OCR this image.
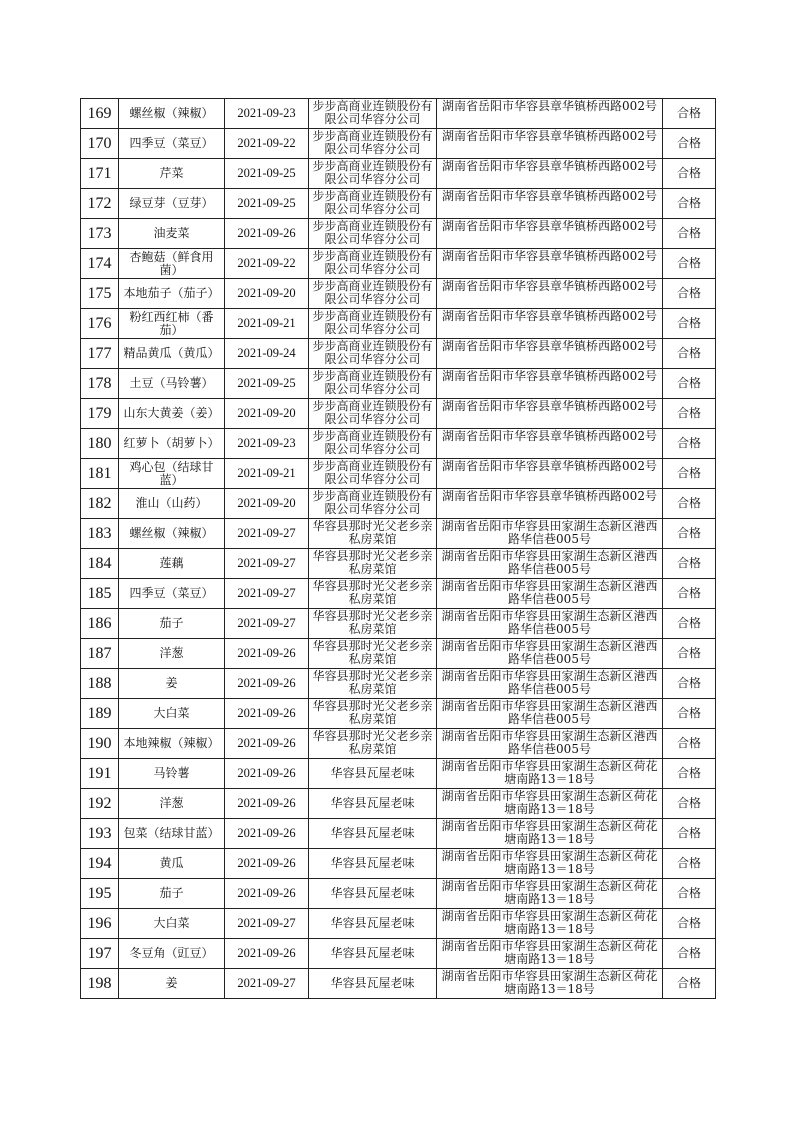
169	螺丝椒（辣椒）	2021-09-23	步步高商业连锁股份有限公司华容分公司	湖南省岳阳市华容县章华镇桥西路002号	合格
170	四季豆（菜豆）	2021-09-22	步步高商业连锁股份有限公司华容分公司	湖南省岳阳市华容县章华镇桥西路002号	合格
171	芹菜	2021-09-25	步步高商业连锁股份有限公司华容分公司	湖南省岳阳市华容县章华镇桥西路002号	合格
172	绿豆芽（豆芽）	2021-09-25	步步高商业连锁股份有限公司华容分公司	湖南省岳阳市华容县章华镇桥西路002号	合格
173	油麦菜	2021-09-26	步步高商业连锁股份有限公司华容分公司	湖南省岳阳市华容县章华镇桥西路002号	合格
174	杏鲍菇（鲜食用菌）	2021-09-22	步步高商业连锁股份有限公司华容分公司	湖南省岳阳市华容县章华镇桥西路002号	合格
175	本地茄子（茄子）	2021-09-20	步步高商业连锁股份有限公司华容分公司	湖南省岳阳市华容县章华镇桥西路002号	合格
176	粉红西红柿（番茄）	2021-09-21	步步高商业连锁股份有限公司华容分公司	湖南省岳阳市华容县章华镇桥西路002号	合格
177	精品黄瓜（黄瓜）	2021-09-24	步步高商业连锁股份有限公司华容分公司	湖南省岳阳市华容县章华镇桥西路002号	合格
178	土豆（马铃薯）	2021-09-25	步步高商业连锁股份有限公司华容分公司	湖南省岳阳市华容县章华镇桥西路002号	合格
179	山东大黄姜（姜）	2021-09-20	步步高商业连锁股份有限公司华容分公司	湖南省岳阳市华容县章华镇桥西路002号	合格
180	红萝卜（胡萝卜）	2021-09-23	步步高商业连锁股份有限公司华容分公司	湖南省岳阳市华容县章华镇桥西路002号	合格
181	鸡心包（结球甘蓝）	2021-09-21	步步高商业连锁股份有限公司华容分公司	湖南省岳阳市华容县章华镇桥西路002号	合格
182	淮山（山药）	2021-09-20	步步高商业连锁股份有限公司华容分公司	湖南省岳阳市华容县章华镇桥西路002号	合格
183	螺丝椒（辣椒）	2021-09-27	华容县那时光父老乡亲私房菜馆	湖南省岳阳市华容县田家湖生态新区港西路华信巷005号	合格
184	莲藕	2021-09-27	华容县那时光父老乡亲私房菜馆	湖南省岳阳市华容县田家湖生态新区港西路华信巷005号	合格
185	四季豆（菜豆）	2021-09-27	华容县那时光父老乡亲私房菜馆	湖南省岳阳市华容县田家湖生态新区港西路华信巷005号	合格
186	茄子	2021-09-27	华容县那时光父老乡亲私房菜馆	湖南省岳阳市华容县田家湖生态新区港西路华信巷005号	合格
187	洋葱	2021-09-26	华容县那时光父老乡亲私房菜馆	湖南省岳阳市华容县田家湖生态新区港西路华信巷005号	合格
188	姜	2021-09-26	华容县那时光父老乡亲私房菜馆	湖南省岳阳市华容县田家湖生态新区港西路华信巷005号	合格
189	大白菜	2021-09-26	华容县那时光父老乡亲私房菜馆	湖南省岳阳市华容县田家湖生态新区港西路华信巷005号	合格
190	本地辣椒（辣椒）	2021-09-26	华容县那时光父老乡亲私房菜馆	湖南省岳阳市华容县田家湖生态新区港西路华信巷005号	合格
191	马铃薯	2021-09-26	华容县瓦屋老味	湖南省岳阳市华容县田家湖生态新区荷花塘南路13＝18号	合格
192	洋葱	2021-09-26	华容县瓦屋老味	湖南省岳阳市华容县田家湖生态新区荷花塘南路13＝18号	合格
193	包菜（结球甘蓝）	2021-09-26	华容县瓦屋老味	湖南省岳阳市华容县田家湖生态新区荷花塘南路13＝18号	合格
194	黄瓜	2021-09-26	华容县瓦屋老味	湖南省岳阳市华容县田家湖生态新区荷花塘南路13＝18号	合格
195	茄子	2021-09-26	华容县瓦屋老味	湖南省岳阳市华容县田家湖生态新区荷花塘南路13＝18号	合格
196	大白菜	2021-09-27	华容县瓦屋老味	湖南省岳阳市华容县田家湖生态新区荷花塘南路13＝18号	合格
197	冬豆角（豇豆）	2021-09-26	华容县瓦屋老味	湖南省岳阳市华容县田家湖生态新区荷花塘南路13＝18号	合格
198	姜	2021-09-27	华容县瓦屋老味	湖南省岳阳市华容县田家湖生态新区荷花塘南路13＝18号	合格
